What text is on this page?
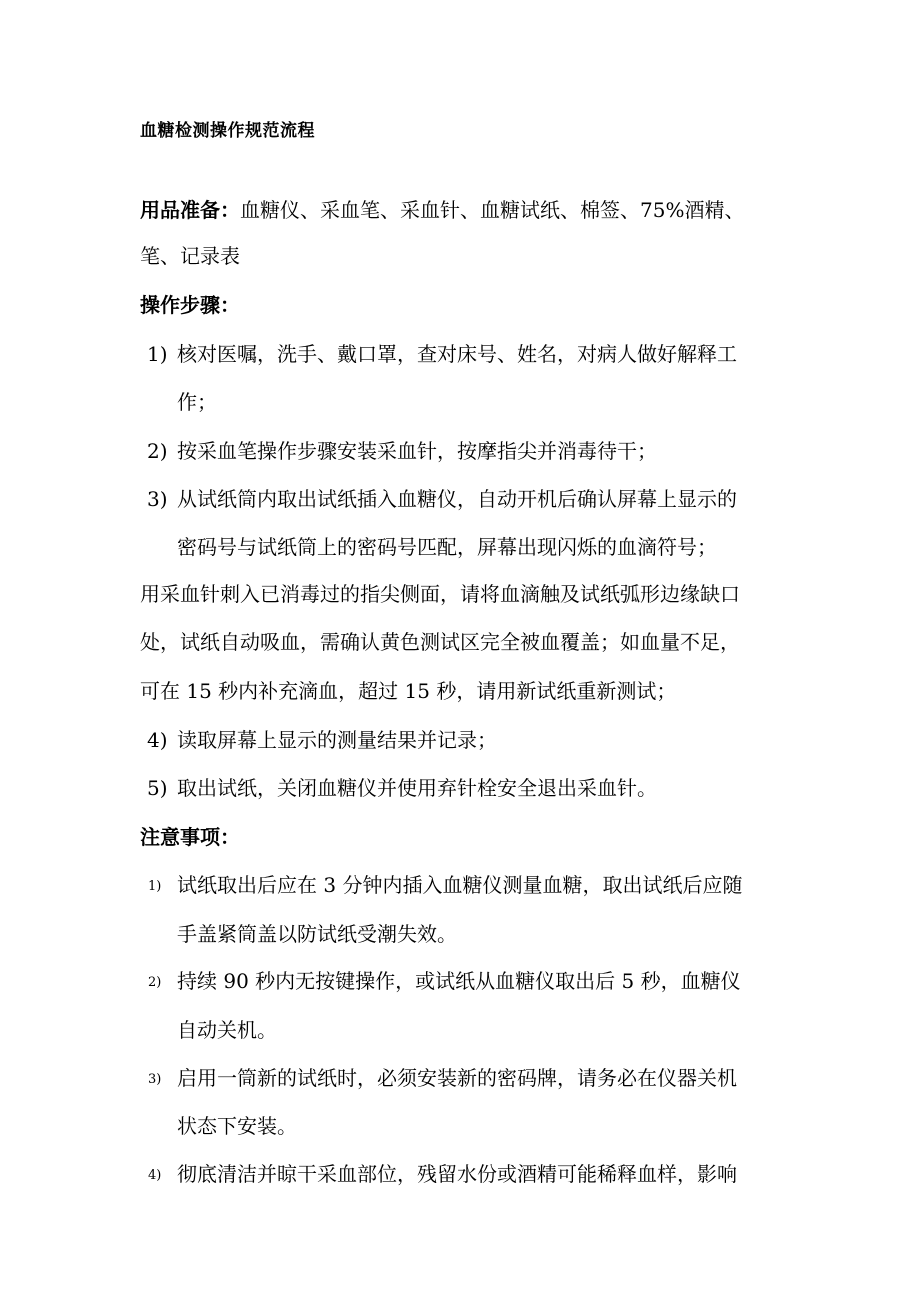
血糖检测操作规范流程
用品准备：血糖仪、采血笔、采血针、血糖试纸、棉签、75%酒精、
笔、记录表
操作步骤：
1) 核对医嘱，洗手、戴口罩，查对床号、姓名，对病人做好解释工
作；
2) 按采血笔操作步骤安装采血针，按摩指尖并消毒待干；
3) 从试纸筒内取出试纸插入血糖仪，自动开机后确认屏幕上显示的
密码号与试纸筒上的密码号匹配，屏幕出现闪烁的血滴符号；
用采血针刺入已消毒过的指尖侧面，请将血滴触及试纸弧形边缘缺口
处，试纸自动吸血，需确认黄色测试区完全被血覆盖；如血量不足，
可在 15 秒内补充滴血，超过 15 秒，请用新试纸重新测试；
4) 读取屏幕上显示的测量结果并记录；
5) 取出试纸，关闭血糖仪并使用弃针栓安全退出采血针。
注意事项：
1) 试纸取出后应在 3 分钟内插入血糖仪测量血糖，取出试纸后应随
手盖紧筒盖以防试纸受潮失效。
2) 持续 90 秒内无按键操作，或试纸从血糖仪取出后 5 秒，血糖仪
自动关机。
3) 启用一筒新的试纸时，必须安装新的密码牌，请务必在仪器关机
状态下安装。
4) 彻底清洁并晾干采血部位，残留水份或酒精可能稀释血样，影响
